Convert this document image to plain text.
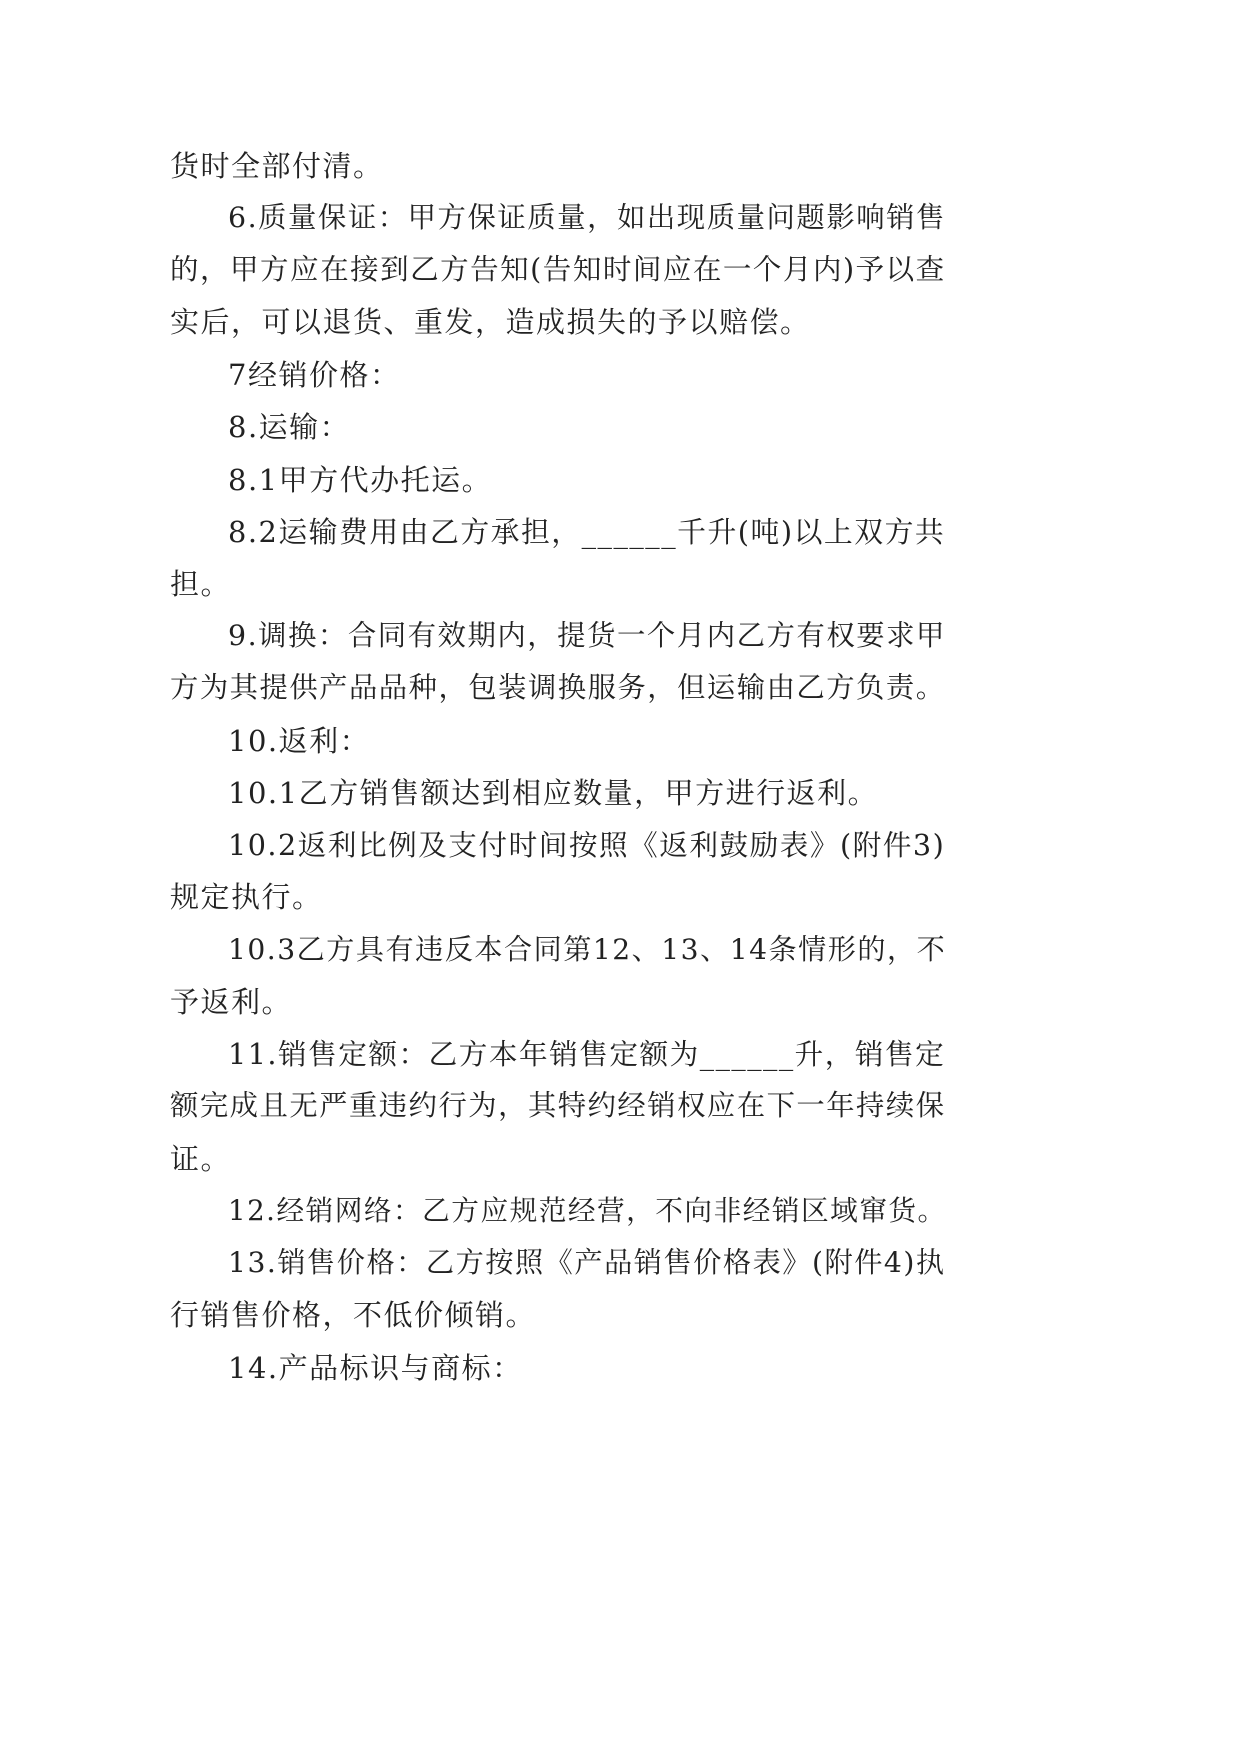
货时全部付清。
6.质量保证：甲方保证质量，如出现质量问题影响销售
的，甲方应在接到乙方告知(告知时间应在一个月内)予以查
实后，可以退货、重发，造成损失的予以赔偿。
7经销价格：
8.运输：
8.1甲方代办托运。
8.2运输费用由乙方承担，______千升(吨)以上双方共
担。
9.调换：合同有效期内，提货一个月内乙方有权要求甲
方为其提供产品品种，包装调换服务，但运输由乙方负责。
10.返利：
10.1乙方销售额达到相应数量，甲方进行返利。
10.2返利比例及支付时间按照《返利鼓励表》(附件3)
规定执行。
10.3乙方具有违反本合同第12、13、14条情形的，不
予返利。
11.销售定额：乙方本年销售定额为______升，销售定
额完成且无严重违约行为，其特约经销权应在下一年持续保
证。
12.经销网络：乙方应规范经营，不向非经销区域窜货。
13.销售价格：乙方按照《产品销售价格表》(附件4)执
行销售价格，不低价倾销。
14.产品标识与商标：
